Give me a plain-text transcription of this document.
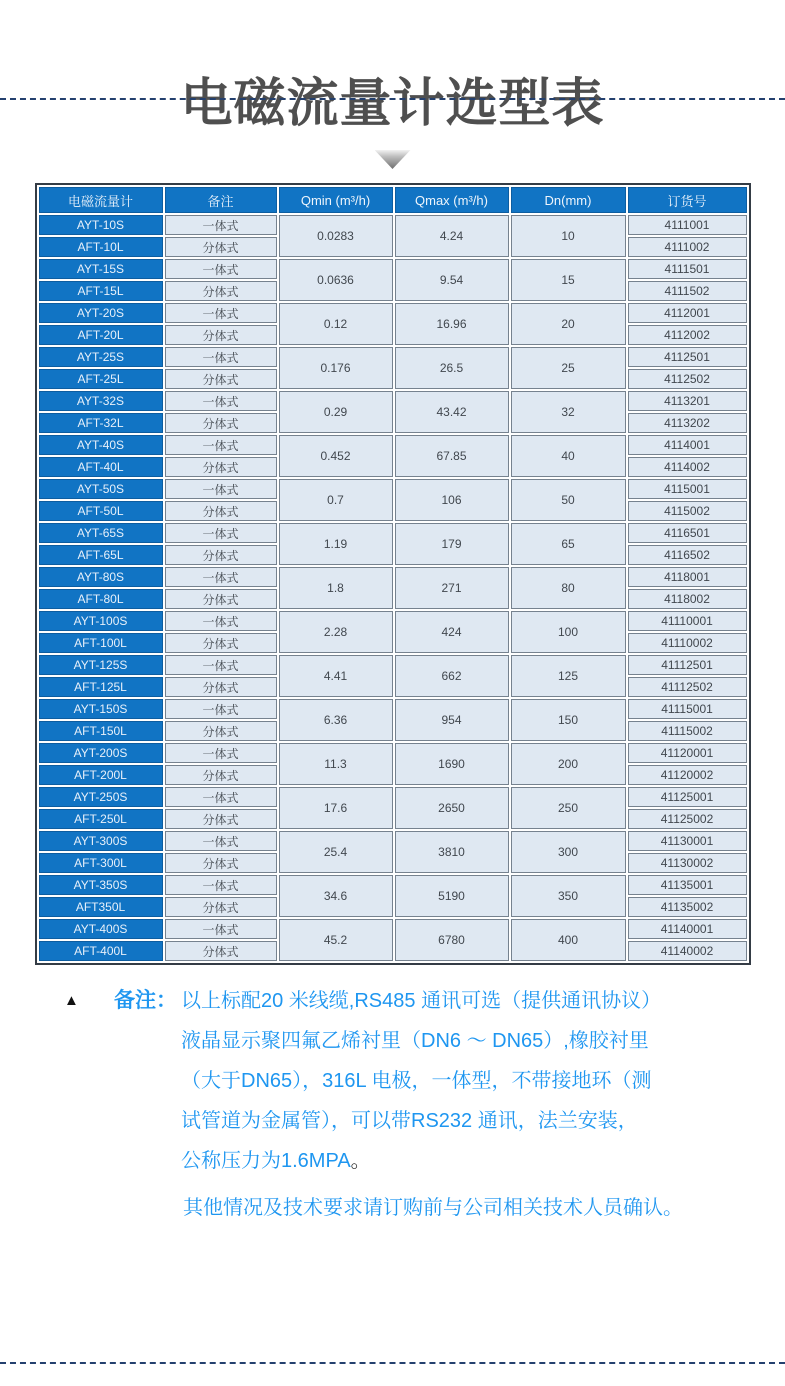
电磁流量计选型表
电磁流量计	备注	Qmin (m³/h)	Qmax (m³/h)	Dn(mm)	订货号
AYT-10S	一体式	0.0283	4.24	10	4111001
AFT-10L	分体式				4111002
AYT-15S	一体式	0.0636	9.54	15	4111501
AFT-15L	分体式				4111502
AYT-20S	一体式	0.12	16.96	20	4112001
AFT-20L	分体式				4112002
AYT-25S	一体式	0.176	26.5	25	4112501
AFT-25L	分体式				4112502
AYT-32S	一体式	0.29	43.42	32	4113201
AFT-32L	分体式				4113202
AYT-40S	一体式	0.452	67.85	40	4114001
AFT-40L	分体式				4114002
AYT-50S	一体式	0.7	106	50	4115001
AFT-50L	分体式				4115002
AYT-65S	一体式	1.19	179	65	4116501
AFT-65L	分体式				4116502
AYT-80S	一体式	1.8	271	80	4118001
AFT-80L	分体式				4118002
AYT-100S	一体式	2.28	424	100	41110001
AFT-100L	分体式				41110002
AYT-125S	一体式	4.41	662	125	41112501
AFT-125L	分体式				41112502
AYT-150S	一体式	6.36	954	150	41115001
AFT-150L	分体式				41115002
AYT-200S	一体式	11.3	1690	200	41120001
AFT-200L	分体式				41120002
AYT-250S	一体式	17.6	2650	250	41125001
AFT-250L	分体式				41125002
AYT-300S	一体式	25.4	3810	300	41130001
AFT-300L	分体式				41130002
AYT-350S	一体式	34.6	5190	350	41135001
AFT350L	分体式				41135002
AYT-400S	一体式	45.2	6780	400	41140001
AFT-400L	分体式				41140002
▲	备注： 以上标配20 米线缆,RS485 通讯可选（提供通讯协议）
液晶显示聚四氟乙烯衬里（DN6 ～ DN65）,橡胶衬里
（大于DN65），316L 电极，一体型，不带接地环（测
试管道为金属管），可以带RS232 通讯，法兰安装，
公称压力为1.6MPA。
其他情况及技术要求请订购前与公司相关技术人员确认。
